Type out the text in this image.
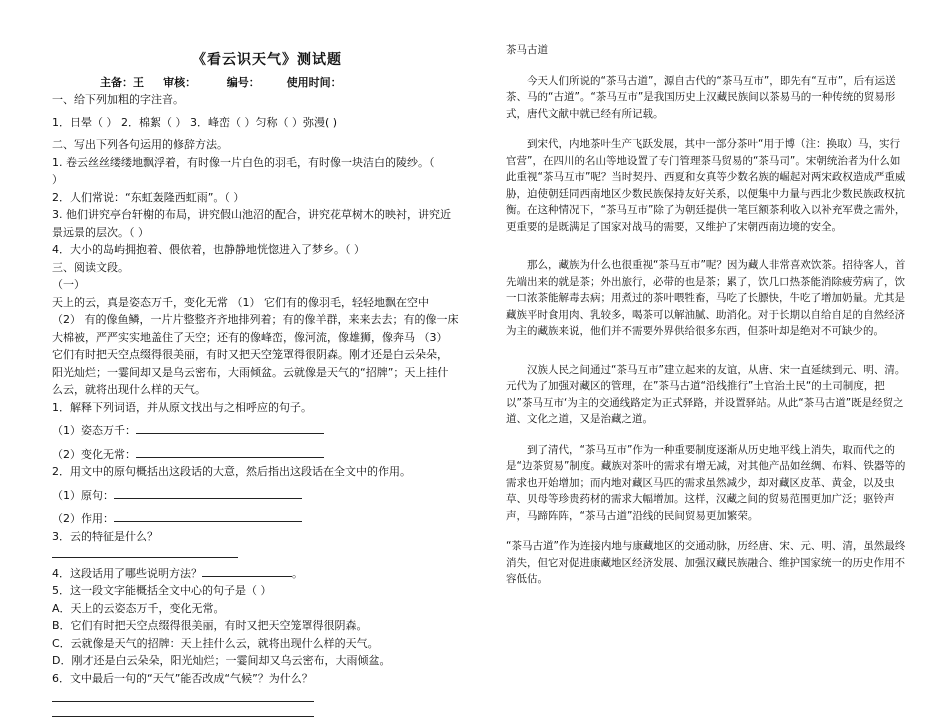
《看云识天气》测试题
主备：王     审核：        编号：       使用时间：
一、给下列加粗的字注音。
1．日晕（ ） 2．棉絮（ ） 3．峰峦（ ）匀称（ ）弥漫( )
二、写出下列各句运用的修辞方法。
1. 卷云丝丝缕缕地飘浮着，有时像一片白色的羽毛，有时像一块洁白的陵纱。（
）
2．人们常说：“东虹轰隆西虹雨”。（ ）
3. 他们讲究亭台轩榭的布局，讲究假山池沼的配合，讲究花草树木的映衬，讲究近
景远景的层次。（ ）
4．大小的岛屿拥抱着、偎依着，也静静地恍惚进入了梦乡。（ ）
三、阅读文段。
（一）
天上的云，真是姿态万千，变化无常 （1） 它们有的像羽毛，轻轻地飘在空中
（2） 有的像鱼鳞，一片片整整齐齐地排列着；有的像羊群，来来去去；有的像一床
大棉被，严严实实地盖住了天空；还有的像峰峦，像河流，像雄狮，像奔马 （3）
它们有时把天空点缀得很美丽，有时又把天空笼罩得很阴森。刚才还是白云朵朵，
阳光灿烂；一霎间却又是乌云密布，大雨倾盆。云就像是天气的“招牌”；天上挂什
么云，就将出现什么样的天气。
1．解释下列词语，并从原文找出与之相呼应的句子。
（1）姿态万千：
（2）变化无常：
2．用文中的原句概括出这段话的大意，然后指出这段话在全文中的作用。
（1）原句：
（2）作用：
3．云的特征是什么？
4．这段话用了哪些说明方法？	。
5．这一段文字能概括全文中心的句子是（ ）
A．天上的云姿态万千，变化无常。
B．它们有时把天空点缀得很美丽，有时又把天空笼罩得很阴森。
C．云就像是天气的招牌：天上挂什么云，就将出现什么样的天气。
D．刚才还是白云朵朵，阳光灿烂；一霎间却又乌云密布，大雨倾盆。
6．文中最后一句的“天气”能否改成“气候”？为什么？
茶马古道

今天人们所说的“茶马古道”，源自古代的“茶马互市”，即先有“互市”，后有运送茶、马的“古道”。“茶马互市”是我国历史上汉藏民族间以茶易马的一种传统的贸易形式，唐代文献中就已经有所记载。

到宋代，内地茶叶生产飞跃发展，其中一部分茶叶“用于博（注：换取）马，实行官营”，在四川的名山等地设置了专门管理茶马贸易的“茶马司”。宋朝统治者为什么如此重视“茶马互市”呢？当时契丹、西夏和女真等少数名族的崛起对两宋政权造成严重威胁，迫使朝廷同西南地区少数民族保持友好关系，以便集中力量与西北少数民族政权抗衡。在这种情况下，“茶马互市”除了为朝廷提供一笔巨额茶利收入以补充军费之需外，更重要的是既满足了国家对战马的需要，又维护了宋朝西南边境的安全。

那么，藏族为什么也很重视“茶马互市”呢？因为藏人非常喜欢饮茶。招待客人，首先端出来的就是茶；外出旅行，必带的也是茶；累了，饮几口热茶能消除疲劳病了，饮一口浓茶能解毒去病；用煮过的茶叶喂牲畜，马吃了长膘快，牛吃了增加奶量。尤其是藏族平时食用肉、乳较多，喝茶可以解油腻、助消化。对于长期以自给自足的自然经济为主的藏族来说，他们并不需要外界供给很多东西，但茶叶却是绝对不可缺少的。

汉族人民之间通过“茶马互市”建立起来的友谊，从唐、宋一直延续到元、明、清。元代为了加强对藏区的管理，在”茶马古道“沿线推行”土官治土民“的土司制度，把以”茶马互市‘为主的交通线路定为正式驿路，并设置驿站。从此“茶马古道”既是经贸之道、文化之道，又是治藏之道。

到了清代，“茶马互市”作为一种重要制度逐渐从历史地平线上消失，取而代之的是“边茶贸易”制度。藏族对茶叶的需求有增无减，对其他产品如丝绸、布料、铁器等的需求也开始增加；而内地对藏区马匹的需求虽然减少，却对藏区皮革、黄金，以及虫草、贝母等珍贵药材的需求大幅增加。这样，汉藏之间的贸易范围更加广泛；驱铃声声，马蹄阵阵，“茶马古道”沿线的民间贸易更加繁荣。

“茶马古道”作为连接内地与康藏地区的交通动脉，历经唐、宋、元、明、清，虽然最终消失，但它对促进康藏地区经济发展、加强汉藏民族融合、维护国家统一的历史作用不容低估。
